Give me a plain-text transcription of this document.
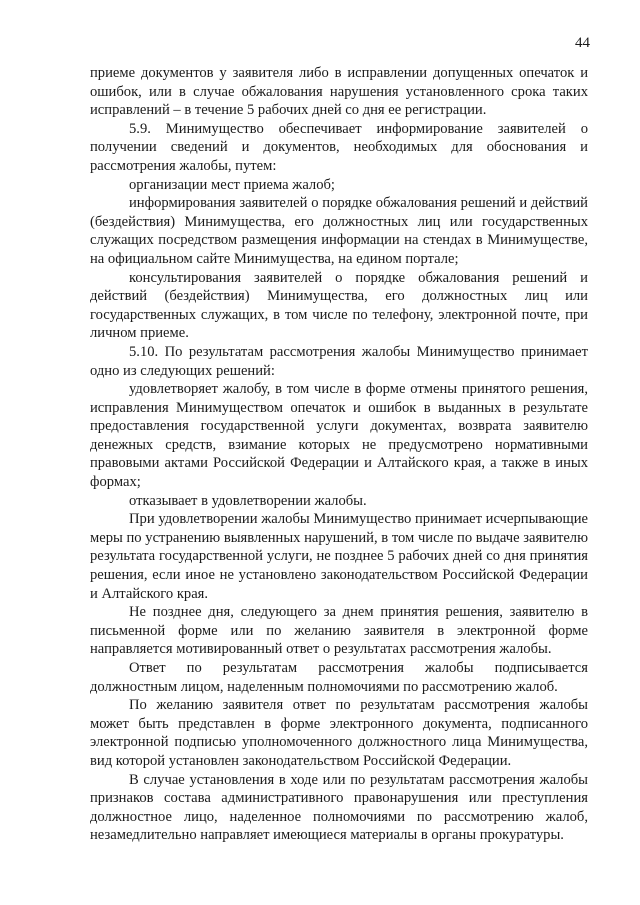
44

приеме документов у заявителя либо в исправлении допущенных опечаток и ошибок, или в случае обжалования нарушения установленного срока таких исправлений – в течение 5 рабочих дней со дня ее регистрации.

5.9. Минимущество обеспечивает информирование заявителей о получении сведений и документов, необходимых для обоснования и рассмотрения жалобы, путем:

организации мест приема жалоб;

информирования заявителей о порядке обжалования решений и действий (бездействия) Минимущества, его должностных лиц или государственных служащих посредством размещения информации на стендах в Минимуществе, на официальном сайте Минимущества, на едином портале;

консультирования заявителей о порядке обжалования решений и действий (бездействия) Минимущества, его должностных лиц или государственных служащих, в том числе по телефону, электронной почте, при личном приеме.

5.10. По результатам рассмотрения жалобы Минимущество принимает одно из следующих решений:

удовлетворяет жалобу, в том числе в форме отмены принятого решения, исправления Минимуществом опечаток и ошибок в выданных в результате предоставления государственной услуги документах, возврата заявителю денежных средств, взимание которых не предусмотрено нормативными правовыми актами Российской Федерации и Алтайского края, а также в иных формах;

отказывает в удовлетворении жалобы.

При удовлетворении жалобы Минимущество принимает исчерпывающие меры по устранению выявленных нарушений, в том числе по выдаче заявителю результата государственной услуги, не позднее 5 рабочих дней со дня принятия решения, если иное не установлено законодательством Российской Федерации и Алтайского края.

Не позднее дня, следующего за днем принятия решения, заявителю в письменной форме или по желанию заявителя в электронной форме направляется мотивированный ответ о результатах рассмотрения жалобы.

Ответ по результатам рассмотрения жалобы подписывается должностным лицом, наделенным полномочиями по рассмотрению жалоб.

По желанию заявителя ответ по результатам рассмотрения жалобы может быть представлен в форме электронного документа, подписанного электронной подписью уполномоченного должностного лица Минимущества, вид которой установлен законодательством Российской Федерации.

В случае установления в ходе или по результатам рассмотрения жалобы признаков состава административного правонарушения или преступления должностное лицо, наделенное полномочиями по рассмотрению жалоб, незамедлительно направляет имеющиеся материалы в органы прокуратуры.
